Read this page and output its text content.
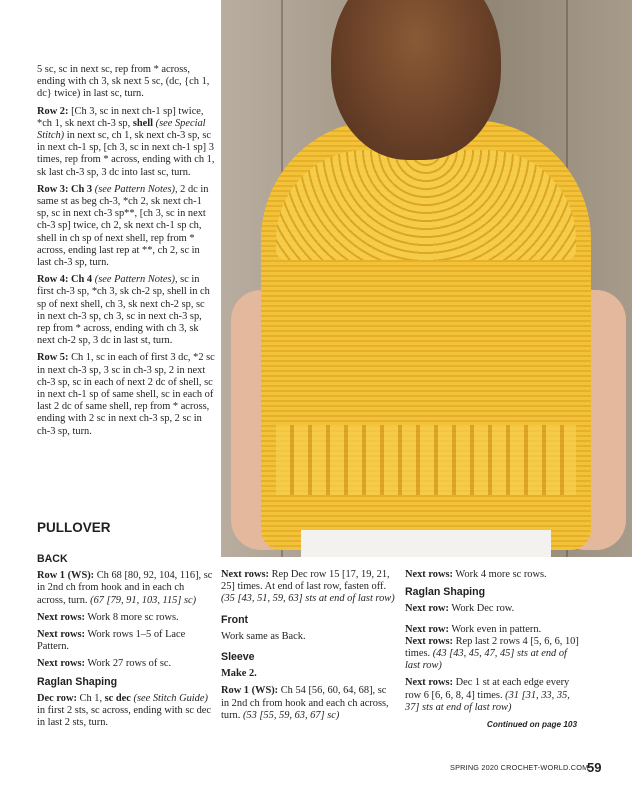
5 sc, sc in next sc, rep from * across, ending with ch 3, sk next 5 sc, (dc, {ch 1, dc} twice) in last sc, turn.

Row 2: [Ch 3, sc in next ch-1 sp] twice, *ch 1, sk next ch-3 sp, shell (see Special Stitch) in next sc, ch 1, sk next ch-3 sp, sc in next ch-1 sp, [ch 3, sc in next ch-1 sp] 3 times, rep from * across, ending with ch 1, sk last ch-3 sp, 3 dc into last sc, turn.

Row 3: Ch 3 (see Pattern Notes), 2 dc in same st as beg ch-3, *ch 2, sk next ch-1 sp, sc in next ch-3 sp**, [ch 3, sc in next ch-3 sp] twice, ch 2, sk next ch-1 sp ch, shell in ch sp of next shell, rep from * across, ending last rep at **, ch 2, sc in last ch-3 sp, turn.

Row 4: Ch 4 (see Pattern Notes), sc in first ch-3 sp, *ch 3, sk ch-2 sp, shell in ch sp of next shell, ch 3, sk next ch-2 sp, sc in next ch-3 sp, ch 3, sc in next ch-3 sp, rep from * across, ending with ch 3, sk next ch-2 sp, 3 dc in last st, turn.

Row 5: Ch 1, sc in each of first 3 dc, *2 sc in next ch-3 sp, 3 sc in ch-3 sp, 2 in next ch-3 sp, sc in each of next 2 dc of shell, sc in next ch-1 sp of same shell, sc in each of last 2 dc of same shell, rep from * across, ending with 2 sc in next ch-3 sp, 2 sc in ch-3 sp, turn.

PULLOVER

BACK

Row 1 (WS): Ch 68 [80, 92, 104, 116], sc in 2nd ch from hook and in each ch across, turn. (67 [79, 91, 103, 115] sc)

Next rows: Work 8 more sc rows.

Next rows: Work rows 1–5 of Lace Pattern.

Next rows: Work 27 rows of sc.

Raglan Shaping

Dec row: Ch 1, sc dec (see Stitch Guide) in first 2 sts, sc across, ending with sc dec in last 2 sts, turn.

Next rows: Rep Dec row 15 [17, 19, 21, 25] times. At end of last row, fasten off. (35 [43, 51, 59, 63] sts at end of last row)

Front

Work same as Back.

Sleeve

Make 2.

Row 1 (WS): Ch 54 [56, 60, 64, 68], sc in 2nd ch from hook and each ch across, turn. (53 [55, 59, 63, 67] sc)

Next rows: Work 4 more sc rows.

Raglan Shaping

Next row: Work Dec row.

Next row: Work even in pattern.

Next rows: Rep last 2 rows 4 [5, 6, 6, 10] times. (43 [43, 45, 47, 45] sts at end of last row)

Next rows: Dec 1 st at each edge every row 6 [6, 6, 8, 4] times. (31 [31, 33, 35, 37] sts at end of last row)

Continued on page 103

SPRING 2020 CROCHET-WORLD.COM
59
